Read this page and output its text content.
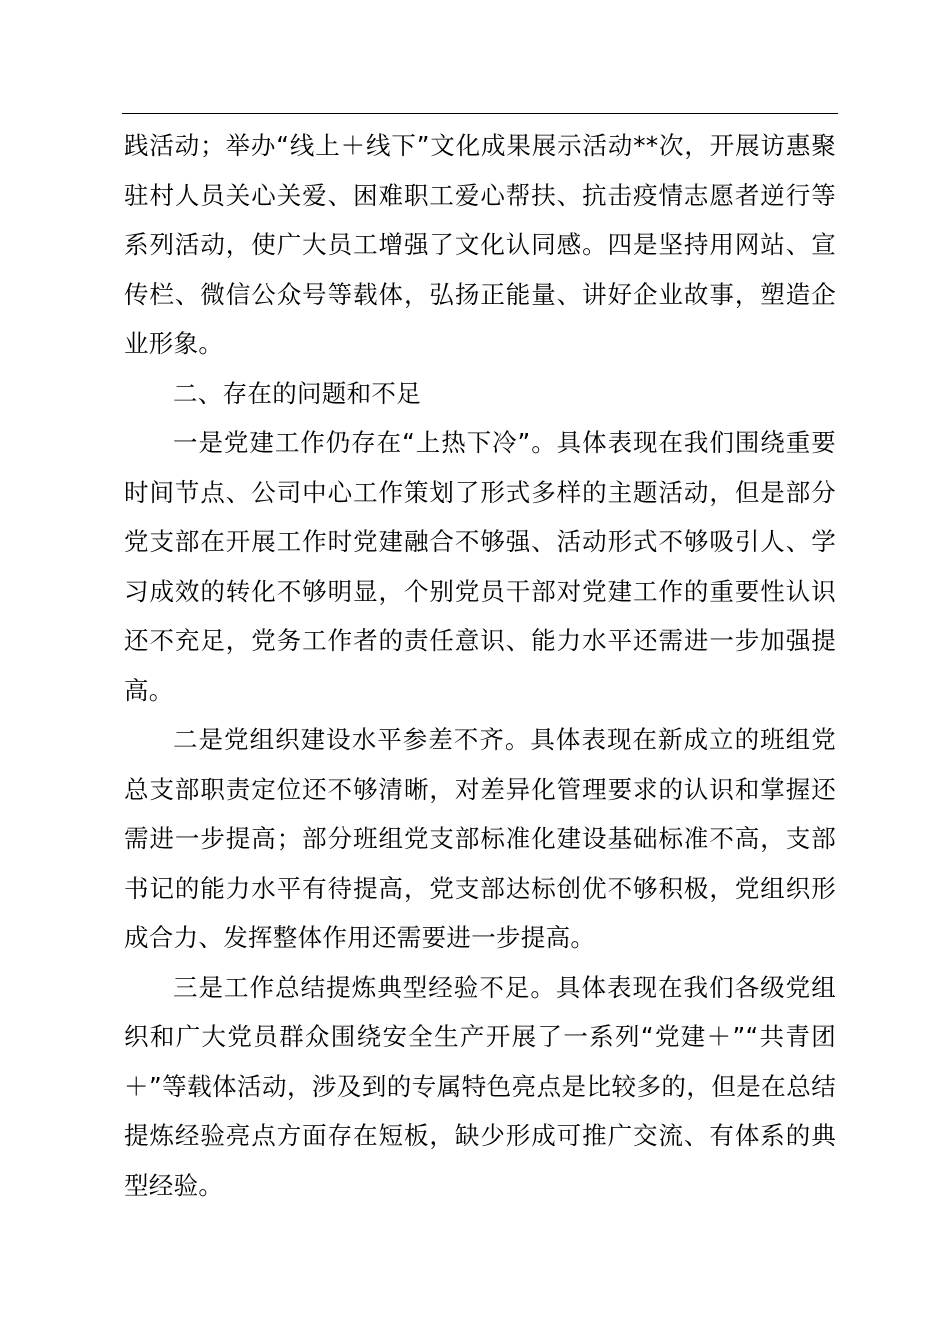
践活动；举办“线上＋线下”文化成果展示活动**次，开展访惠聚驻村人员关心关爱、困难职工爱心帮扶、抗击疫情志愿者逆行等系列活动，使广大员工增强了文化认同感。四是坚持用网站、宣传栏、微信公众号等载体，弘扬正能量、讲好企业故事，塑造企业形象。

二、存在的问题和不足

一是党建工作仍存在“上热下冷”。具体表现在我们围绕重要时间节点、公司中心工作策划了形式多样的主题活动，但是部分党支部在开展工作时党建融合不够强、活动形式不够吸引人、学习成效的转化不够明显，个别党员干部对党建工作的重要性认识还不充足，党务工作者的责任意识、能力水平还需进一步加强提高。

二是党组织建设水平参差不齐。具体表现在新成立的班组党总支部职责定位还不够清晰，对差异化管理要求的认识和掌握还需进一步提高；部分班组党支部标准化建设基础标准不高，支部书记的能力水平有待提高，党支部达标创优不够积极，党组织形成合力、发挥整体作用还需要进一步提高。

三是工作总结提炼典型经验不足。具体表现在我们各级党组织和广大党员群众围绕安全生产开展了一系列“党建＋”“共青团＋”等载体活动，涉及到的专属特色亮点是比较多的，但是在总结提炼经验亮点方面存在短板，缺少形成可推广交流、有体系的典型经验。
